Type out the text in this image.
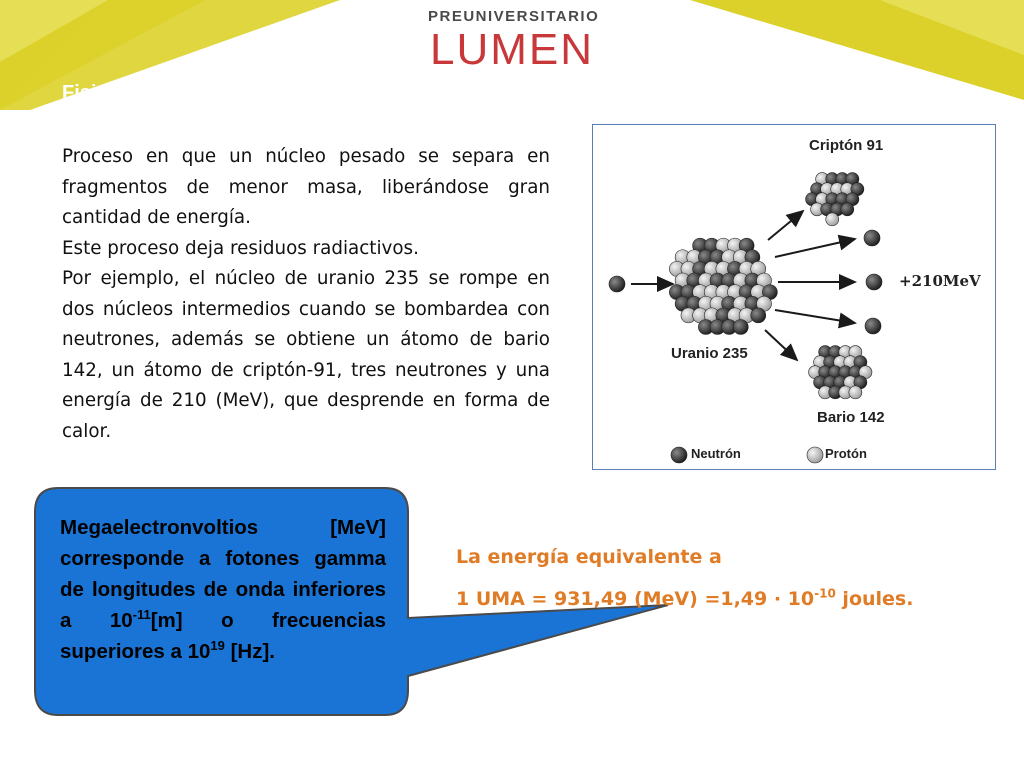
PREUNIVERSITARIO
LUMEN
Fisión nuclear

Proceso en que un núcleo pesado se separa en fragmentos de menor masa, liberándose gran cantidad de energía.

Este proceso deja residuos radiactivos.

Por ejemplo, el núcleo de uranio 235 se rompe en dos núcleos intermedios cuando se bombardea con neutrones, además se obtiene un átomo de bario 142, un átomo de criptón-91, tres neutrones y una energía de 210 (MeV), que desprende en forma de calor.

Criptón 91
Uranio 235
Bario 142
+210MeV
Neutrón	Protón
Megaelectronvoltios [MeV] corresponde a fotones gamma de longitudes de onda inferiores a $10^{-11}[m]$ o frecuencias superiores a $10^{19}$ [Hz].
La energía equivalente a
1 UMA = 931,49 $(MeV) =1,49 \cdot 10^{-10}$ joules.
